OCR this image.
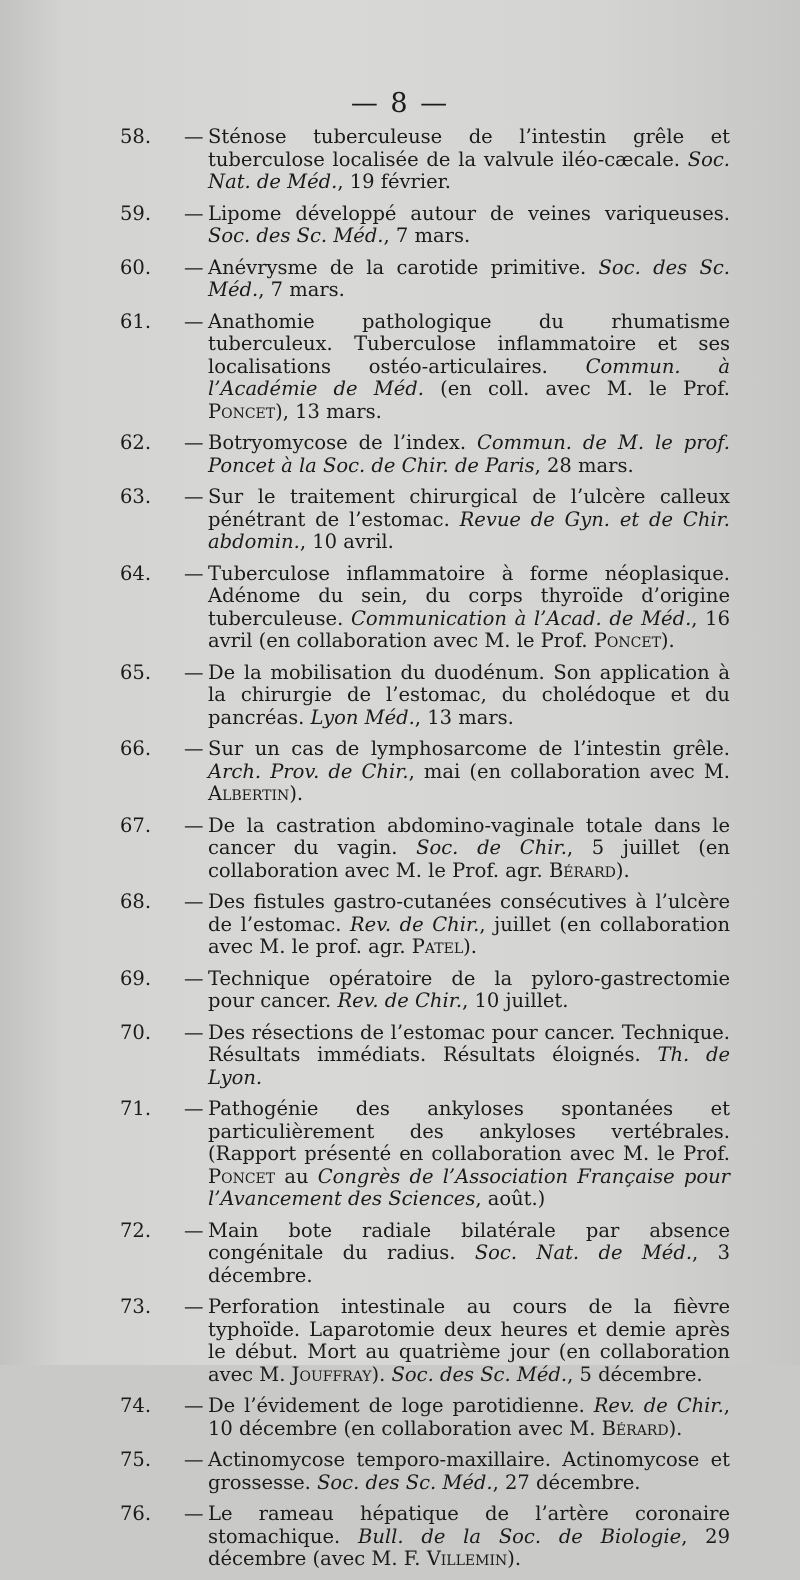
— 8 —
58.	— Sténose tuberculeuse de l’intestin grêle et tuberculose localisée de la valvule iléo-cæcale. Soc. Nat. de Méd., 19 février.
59.	— Lipome développé autour de veines variqueuses. Soc. des Sc. Méd., 7 mars.
60.	— Anévrysme de la carotide primitive. Soc. des Sc. Méd., 7 mars.
61.	— Anathomie pathologique du rhumatisme tuberculeux. Tuberculose inflammatoire et ses localisations ostéo-articulaires. Commun. à l’Académie de Méd. (en coll. avec M. le Prof. Poncet), 13 mars.
62.	— Botryomycose de l’index. Commun. de M. le prof. Poncet à la Soc. de Chir. de Paris, 28 mars.
63.	— Sur le traitement chirurgical de l’ulcère calleux pénétrant de l’estomac. Revue de Gyn. et de Chir. abdomin., 10 avril.
64.	— Tuberculose inflammatoire à forme néoplasique. Adénome du sein, du corps thyroïde d’origine tuberculeuse. Communication à l’Acad. de Méd., 16 avril (en collaboration avec M. le Prof. Poncet).
65.	— De la mobilisation du duodénum. Son application à la chirurgie de l’estomac, du cholédoque et du pancréas. Lyon Méd., 13 mars.
66.	— Sur un cas de lymphosarcome de l’intestin grêle. Arch. Prov. de Chir., mai (en collaboration avec M. Albertin).
67.	— De la castration abdomino-vaginale totale dans le cancer du vagin. Soc. de Chir., 5 juillet (en collaboration avec M. le Prof. agr. Bérard).
68.	— Des fistules gastro-cutanées consécutives à l’ulcère de l’estomac. Rev. de Chir., juillet (en collaboration avec M. le prof. agr. Patel).
69.	— Technique opératoire de la pyloro-gastrectomie pour cancer. Rev. de Chir., 10 juillet.
70.	— Des résections de l’estomac pour cancer. Technique. Résultats immédiats. Résultats éloignés. Th. de Lyon.
71.	— Pathogénie des ankyloses spontanées et particulièrement des ankyloses vertébrales. (Rapport présenté en collaboration avec M. le Prof. Poncet au Congrès de l’Association Française pour l’Avancement des Sciences, août.)
72.	— Main bote radiale bilatérale par absence congénitale du radius. Soc. Nat. de Méd., 3 décembre.
73.	— Perforation intestinale au cours de la fièvre typhoïde. Laparotomie deux heures et demie après le début. Mort au quatrième jour (en collaboration avec M. Jouffray). Soc. des Sc. Méd., 5 décembre.
74.	— De l’évidement de loge parotidienne. Rev. de Chir., 10 décembre (en collaboration avec M. Bérard).
75.	— Actinomycose temporo-maxillaire. Actinomycose et grossesse. Soc. des Sc. Méd., 27 décembre.
76.	— Le rameau hépatique de l’artère coronaire stomachique. Bull. de la Soc. de Biologie, 29 décembre (avec M. F. Villemin).
